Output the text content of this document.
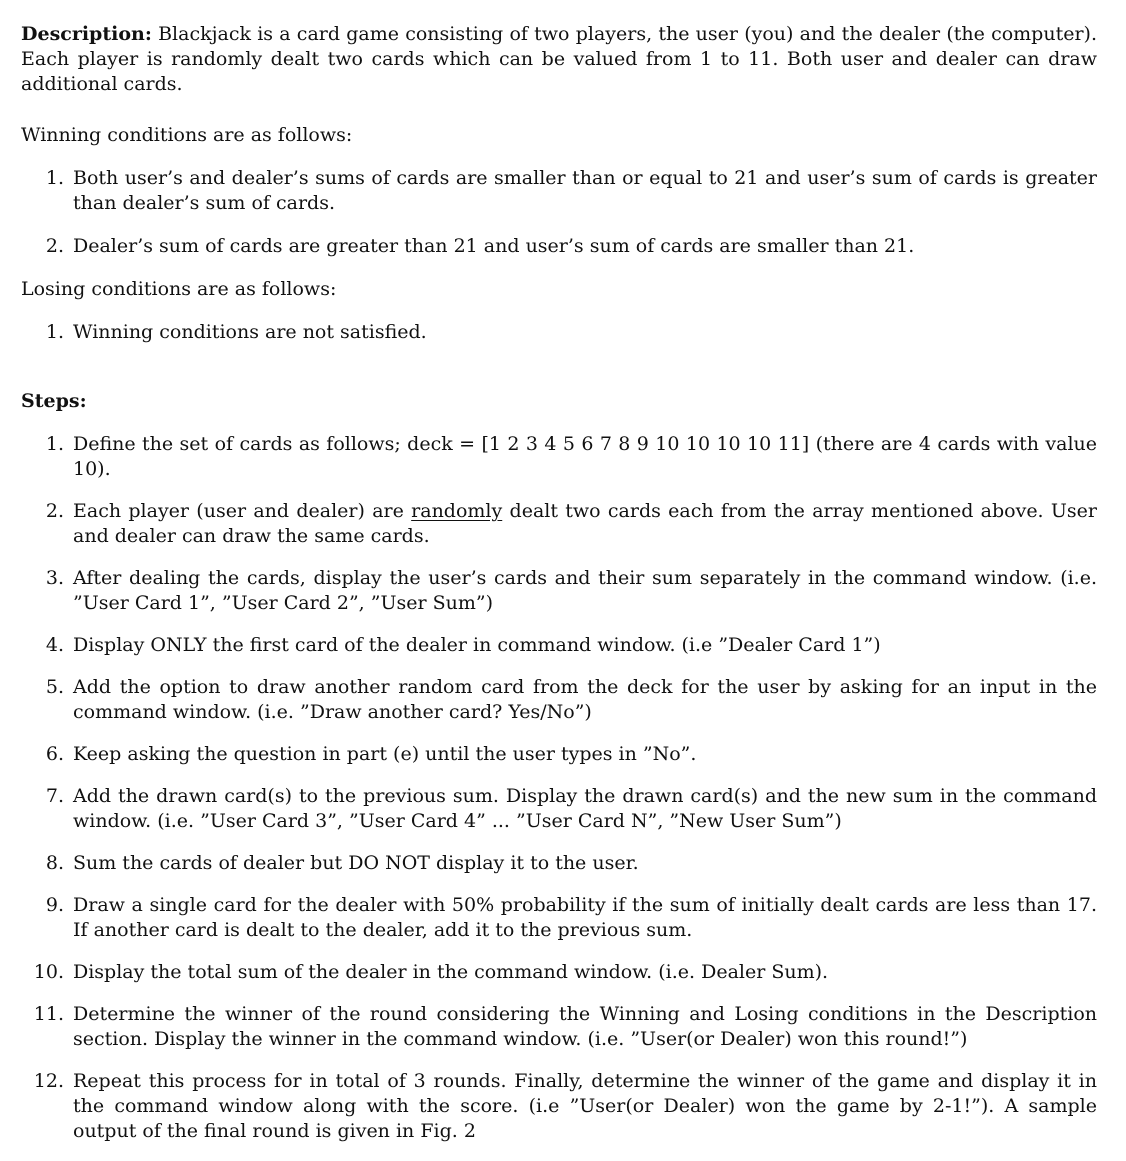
Description: Blackjack is a card game consisting of two players, the user (you) and the dealer (the computer). Each player is randomly dealt two cards which can be valued from 1 to 11. Both user and dealer can draw additional cards.

Winning conditions are as follows:

1. Both user’s and dealer’s sums of cards are smaller than or equal to 21 and user’s sum of cards is greater than dealer’s sum of cards.
2. Dealer’s sum of cards are greater than 21 and user’s sum of cards are smaller than 21.

Losing conditions are as follows:

1. Winning conditions are not satisfied.

Steps:

1. Define the set of cards as follows; deck = [1 2 3 4 5 6 7 8 9 10 10 10 10 11] (there are 4 cards with value 10).
2. Each player (user and dealer) are randomly dealt two cards each from the array mentioned above. User and dealer can draw the same cards.
3. After dealing the cards, display the user’s cards and their sum separately in the command window. (i.e. ”User Card 1”, ”User Card 2”, ”User Sum”)
4. Display ONLY the first card of the dealer in command window. (i.e ”Dealer Card 1”)
5. Add the option to draw another random card from the deck for the user by asking for an input in the command window. (i.e. ”Draw another card? Yes/No”)
6. Keep asking the question in part (e) until the user types in ”No”.
7. Add the drawn card(s) to the previous sum. Display the drawn card(s) and the new sum in the command window. (i.e. ”User Card 3”, ”User Card 4” ... ”User Card N”, ”New User Sum”)
8. Sum the cards of dealer but DO NOT display it to the user.
9. Draw a single card for the dealer with 50% probability if the sum of initially dealt cards are less than 17. If another card is dealt to the dealer, add it to the previous sum.
10. Display the total sum of the dealer in the command window. (i.e. Dealer Sum).
11. Determine the winner of the round considering the Winning and Losing conditions in the Description section. Display the winner in the command window. (i.e. ”User(or Dealer) won this round!”)
12. Repeat this process for in total of 3 rounds. Finally, determine the winner of the game and display it in the command window along with the score. (i.e ”User(or Dealer) won the game by 2-1!”). A sample output of the final round is given in Fig. 2
